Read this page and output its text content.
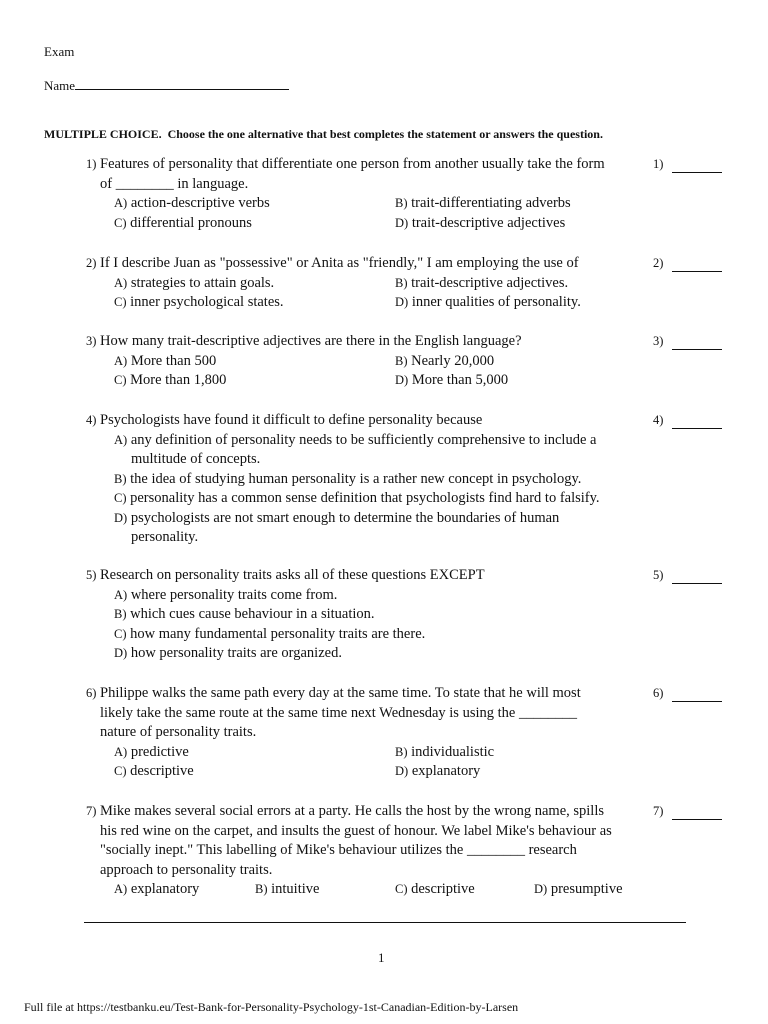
Exam
Name
MULTIPLE CHOICE. Choose the one alternative that best completes the statement or answers the question.
1)	1)
Features of personality that differentiate one person from another usually take the form
of ________ in language.
A) action-descriptive verbs	B) trait-differentiating adverbs
C) differential pronouns	D) trait-descriptive adjectives
2)	2)
If I describe Juan as "possessive" or Anita as "friendly," I am employing the use of
A) strategies to attain goals.	B) trait-descriptive adjectives.
C) inner psychological states.	D) inner qualities of personality.
3)	3)
How many trait-descriptive adjectives are there in the English language?
A) More than 500	B) Nearly 20,000
C) More than 1,800	D) More than 5,000
4)	4)
Psychologists have found it difficult to define personality because
A) any definition of personality needs to be sufficiently comprehensive to include a
multitude of concepts.
B) the idea of studying human personality is a rather new concept in psychology.
C) personality has a common sense definition that psychologists find hard to falsify.
D) psychologists are not smart enough to determine the boundaries of human
personality.
5)	5)
Research on personality traits asks all of these questions EXCEPT
A) where personality traits come from.
B) which cues cause behaviour in a situation.
C) how many fundamental personality traits are there.
D) how personality traits are organized.
6)	6)
Philippe walks the same path every day at the same time. To state that he will most
likely take the same route at the same time next Wednesday is using the ________
nature of personality traits.
A) predictive	B) individualistic
C) descriptive	D) explanatory
7)	7)
Mike makes several social errors at a party. He calls the host by the wrong name, spills
his red wine on the carpet, and insults the guest of honour. We label Mike's behaviour as
"socially inept." This labelling of Mike's behaviour utilizes the ________ research
approach to personality traits.
A) explanatory	B) intuitive	C) descriptive	D) presumptive
1
Full file at https://testbanku.eu/Test-Bank-for-Personality-Psychology-1st-Canadian-Edition-by-Larsen
